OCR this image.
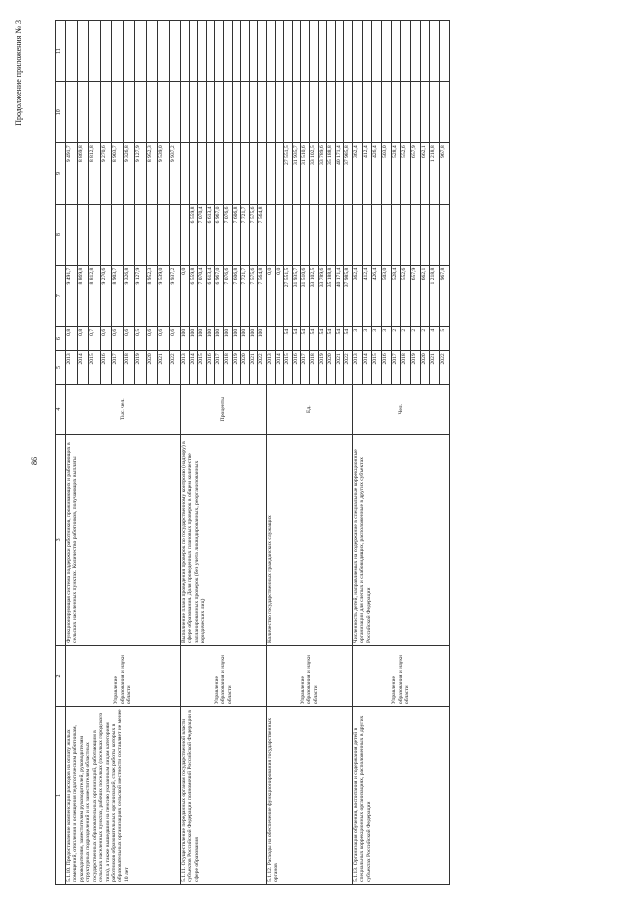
86
Продолжение приложения № 3
1	2	3	4	5	6	7	8	9	10	11
5.1.10. Предоставление компенсации расходов на оплату жилых помещений, отопления и освещения педагогическим работникам, руководителям, заместителям руководителей, руководителям структурных подразделений и их заместителям областных государственных образовательных организаций, работающим в сельских населенных пунктах, рабочих поселках (поселках городского типа), а также вышедшим на пенсию указанным лицам категориям работников образовательных организаций, стаж работы которых в образовательных организациях сельской местности составляет не менее 10 лет	Управление образования и науки области	Функционирующая система поддержки работников, проживающих и работающих в сельских населенных пунктах. Количество работников, получающих выплаты	Тыс. чел.	2013	0,8	9 491,7		9 491,7		
				2014	0,8	8 869,8		8 869,8		
				2015	0,7	8 812,8		8 812,8		
				2016	0,6	9 270,6		9 270,6		
				2017	0,6	8 903,7		8 903,7		
				2018	0,6	9 326,8		9 326,8		
				2019	0,5	9 127,9		9 127,9		
				2020	0,6	8 952,3		8 952,3		
				2021	0,6	9 539,0		9 539,0		
				2022	0,6	9 937,2		9 937,2		
5.1.11. Осуществление переданных органам государственной власти субъектов Российской Федерации полномочий Российской Федерации в сфере образования	Управление образования и науки области	Выполнение плана проведения проверок по государственному контролю (надзору) в сфере образования. Доля проведенных плановых проверок в общем количестве запланированных проверок (без учета ликвидированных, реорганизованных юридических лиц)	Проценты	2013	100	0,0				
				2014	100	6 559,8	6 559,8			
				2015	100	7 070,4	7 070,4			
				2016	100	6 613,4	6 613,4			
				2017	100	6 967,0	6 967,0			
				2018	100	7 076,6	7 076,6			
				2019	100	7 606,8	7 606,8			
				2020	100	7 721,7	7 721,7			
				2021	100	7 575,6	7 575,6			
				2022	100	7 564,8	7 564,8			
5.1.12. Расходы на обеспечение функционирования государственных органов	Управление образования и науки области	Количество государственных гражданских служащих	Ед.	2013		0,0				
				2014		0,0				
				2015	54	27 551,5		27 551,5		
				2016	54	31 935,7		31 935,7		
				2017	54	31 510,6		31 510,6		
				2018	54	33 102,5		33 102,5		
				2019	54	33 789,6		33 789,6		
				2020	54	35 188,8		35 188,8		
				2021	54	40 171,4		40 171,4		
				2022	54	37 985,8		37 985,8		
5.1.13. Организация обучения, воспитания и содержания детей в специальных коррекционных организациях, расположенных в других субъектах Российской Федерации	Управление образования и науки области	Численность детей, направляемых на содержание в специальные коррекционные организации для слепых и слабовидящих, расположенные в других субъектах Российской Федерации	Чел.	2013	3	362,4		362,4		
				2014	3	412,4		412,4		
				2015	3	426,4		426,4		
				2016	3	503,0		503,0		
				2017	2	528,4		528,4		
				2018	2	552,6		552,6		
				2019	2	657,9		657,9		
				2020	2	662,1		662,1		
				2021	4	1 218,8		1 218,8		
				2022	5	967,8		967,8		
